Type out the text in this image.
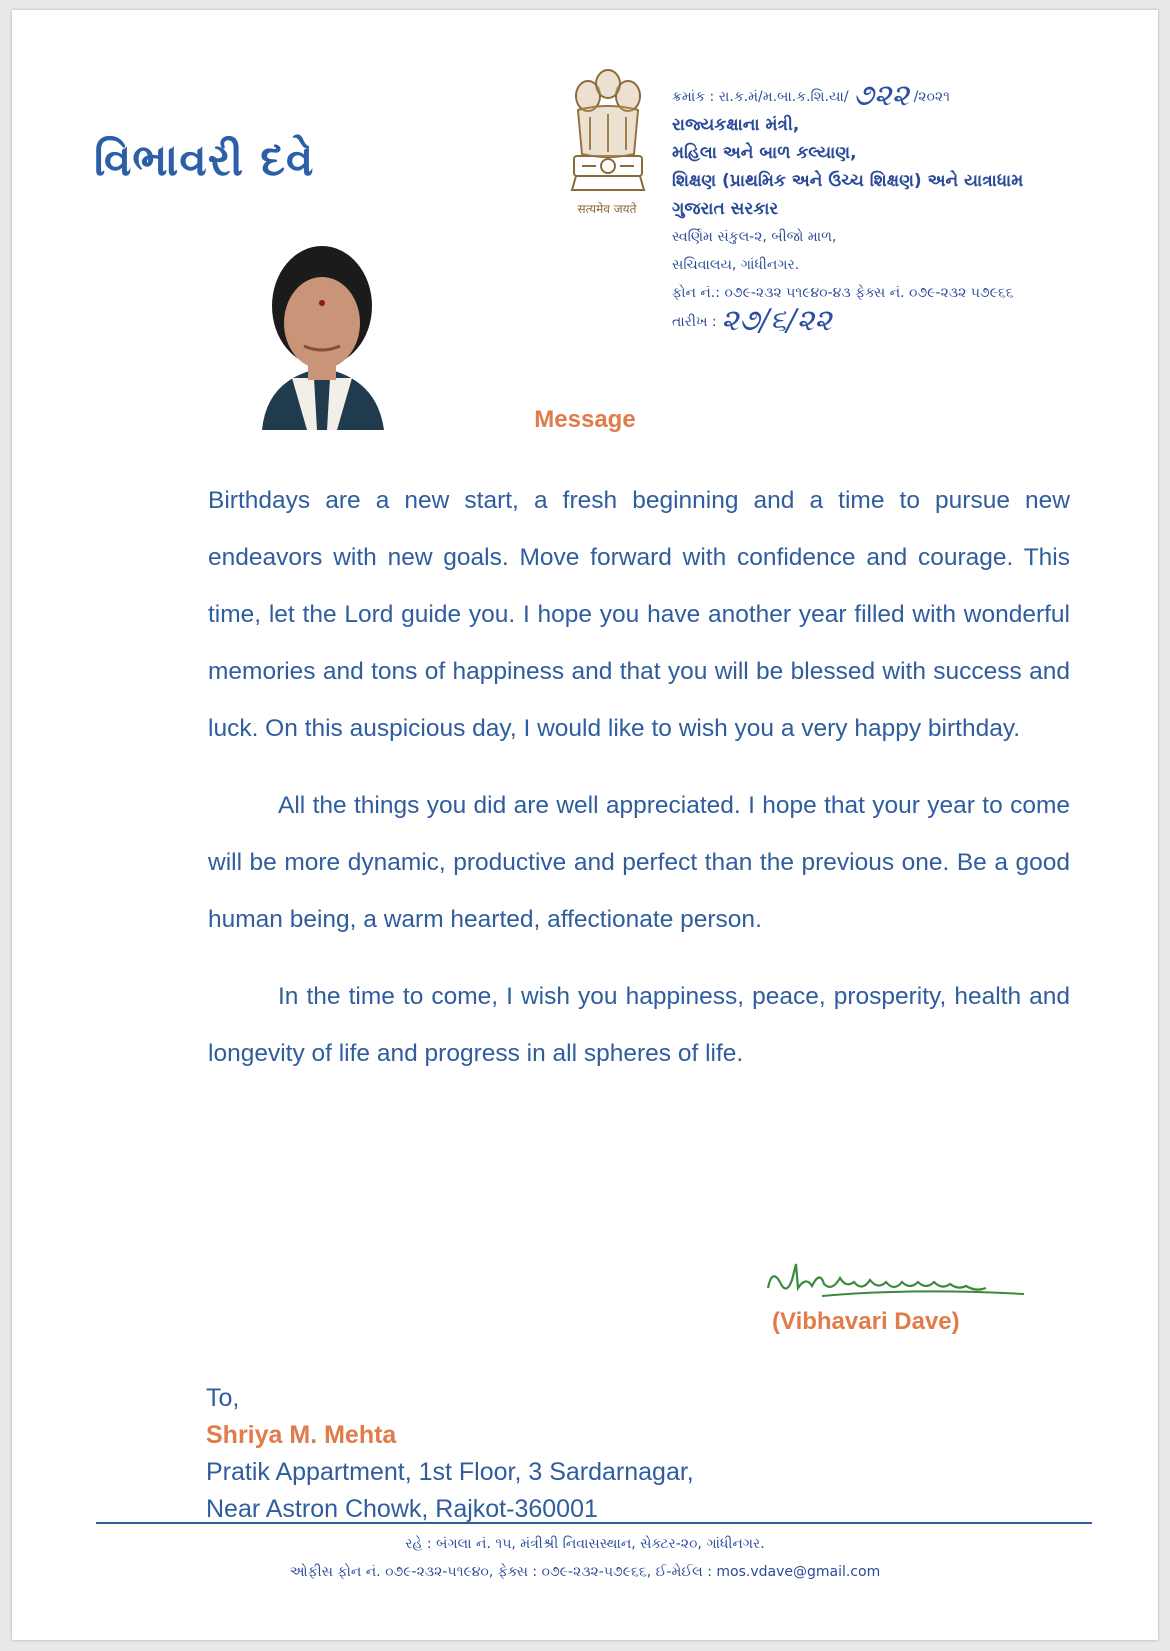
વિભાવરી દવે
सत्यमेव जयते
ક્રમાંક : રા.ક.મં/મ.બા.ક.શિ.યા/ ૭૨૨ /૨૦૨૧
રાજ્યકક્ષાના મંત્રી,
મહિલા અને બાળ કલ્યાણ,
શિક્ષણ (પ્રાથમિક અને ઉચ્ચ શિક્ષણ) અને યાત્રાધામ
ગુજરાત સરકાર
સ્વર્ણિમ સંકુલ-૨, બીજો માળ,
સચિવાલય, ગાંધીનગર.
ફોન નં.: ૦૭૯-૨૩૨ ૫૧૯૪૦-૪૩ ફેક્સ નં. ૦૭૯-૨૩૨ ૫૭૯૬૬
તારીખ : ૨૭/૬/૨૨
Message

Birthdays are a new start, a fresh beginning and a time to pursue new endeavors with new goals. Move forward with confidence and courage. This time, let the Lord guide you. I hope you have another year filled with wonderful memories and tons of happiness and that you will be blessed with success and luck. On this auspicious day, I would like to wish you a very happy birthday.

All the things you did are well appreciated. I hope that your year to come will be more dynamic, productive and perfect than the previous one. Be a good human being, a warm hearted, affectionate person.

In the time to come, I wish you happiness, peace, prosperity, health and longevity of life and progress in all spheres of life.

(Vibhavari Dave)
To,
Shriya M. Mehta
Pratik Appartment, 1st Floor, 3 Sardarnagar,
Near Astron Chowk, Rajkot-360001
રહે : બંગલા નં. ૧૫, મંત્રીશ્રી નિવાસસ્થાન, સેક્ટર-૨૦, ગાંધીનગર.
ઓફીસ ફોન નં. ૦૭૯-૨૩૨-૫૧૯૪૦, ફેક્સ : ૦૭૯-૨૩૨-૫૭૯૬૬, ઈ-મેઈલ : mos.vdave@gmail.com
